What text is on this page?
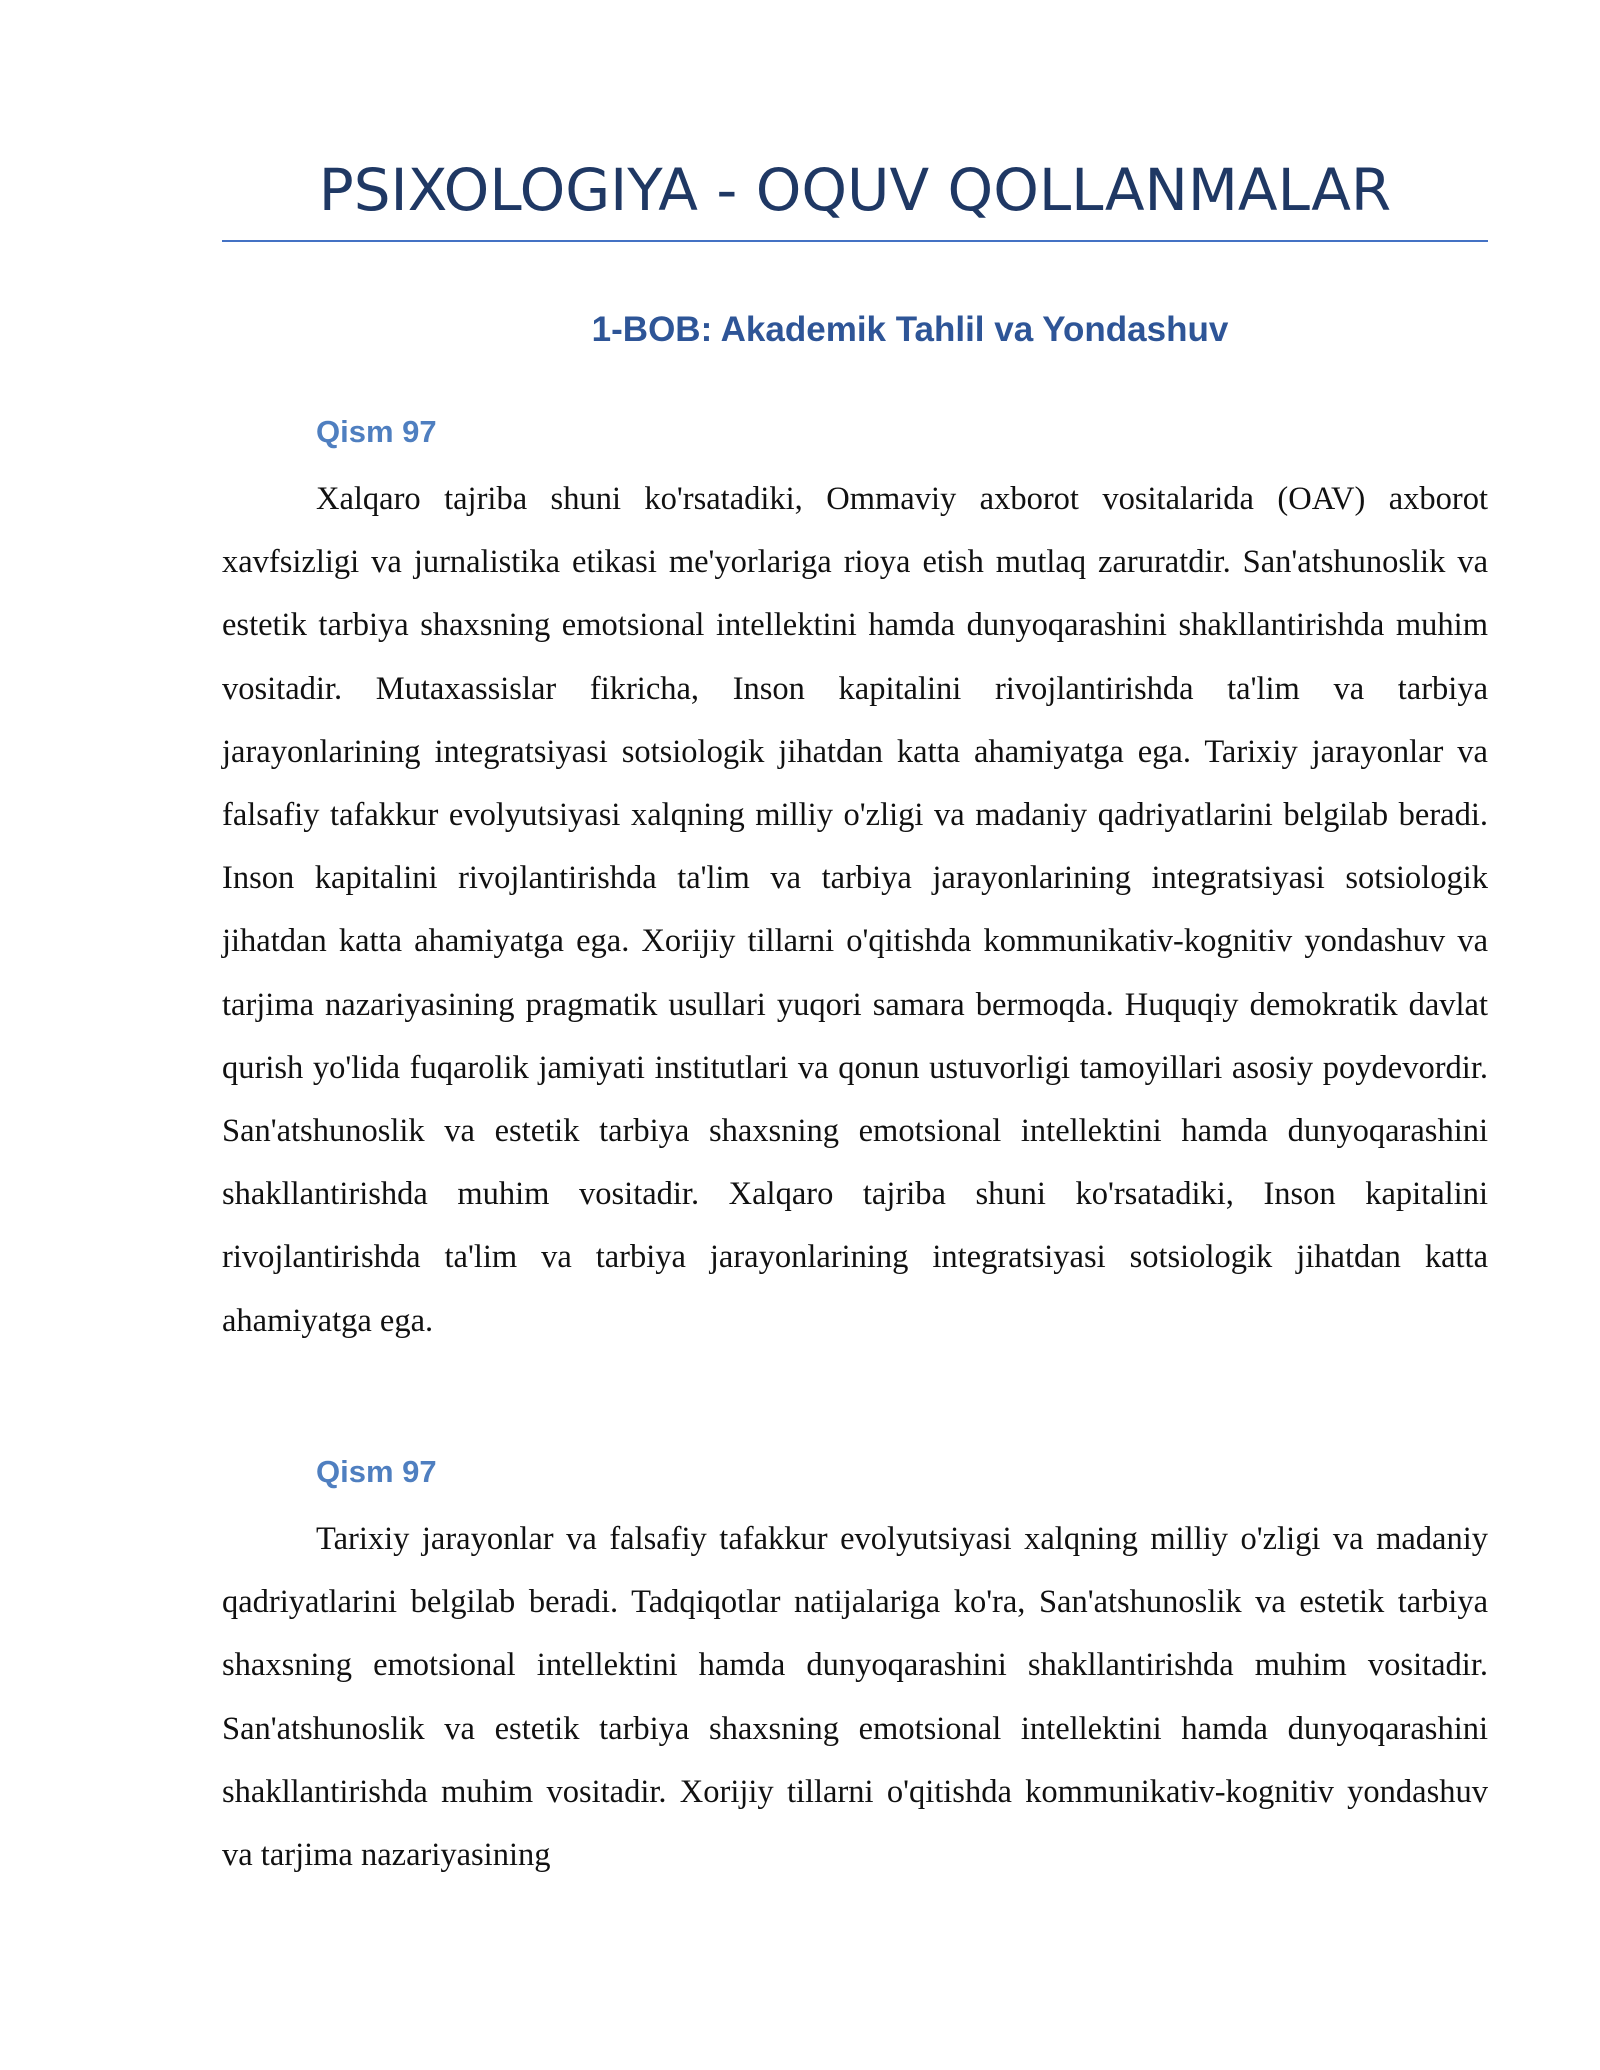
PSIXOLOGIYA - OQUV QOLLANMALAR
1-BOB: Akademik Tahlil va Yondashuv
Qism 97

Xalqaro tajriba shuni ko'rsatadiki, Ommaviy axborot vositalarida (OAV) axborot xavfsizligi va jurnalistika etikasi me'yorlariga rioya etish mutlaq zaruratdir. San'atshunoslik va estetik tarbiya shaxsning emotsional intellektini hamda dunyoqarashini shakllantirishda muhim vositadir. Mutaxassislar fikricha, Inson kapitalini rivojlantirishda ta'lim va tarbiya jarayonlarining integratsiyasi sotsiologik jihatdan katta ahamiyatga ega. Tarixiy jarayonlar va falsafiy tafakkur evolyutsiyasi xalqning milliy o'zligi va madaniy qadriyatlarini belgilab beradi. Inson kapitalini rivojlantirishda ta'lim va tarbiya jarayonlarining integratsiyasi sotsiologik jihatdan katta ahamiyatga ega. Xorijiy tillarni o'qitishda kommunikativ-kognitiv yondashuv va tarjima nazariyasining pragmatik usullari yuqori samara bermoqda. Huquqiy demokratik davlat qurish yo'lida fuqarolik jamiyati institutlari va qonun ustuvorligi tamoyillari asosiy poydevordir. San'atshunoslik va estetik tarbiya shaxsning emotsional intellektini hamda dunyoqarashini shakllantirishda muhim vositadir. Xalqaro tajriba shuni ko'rsatadiki, Inson kapitalini rivojlantirishda ta'lim va tarbiya jarayonlarining integratsiyasi sotsiologik jihatdan katta ahamiyatga ega.

Qism 97

Tarixiy jarayonlar va falsafiy tafakkur evolyutsiyasi xalqning milliy o'zligi va madaniy qadriyatlarini belgilab beradi. Tadqiqotlar natijalariga ko'ra, San'atshunoslik va estetik tarbiya shaxsning emotsional intellektini hamda dunyoqarashini shakllantirishda muhim vositadir. San'atshunoslik va estetik tarbiya shaxsning emotsional intellektini hamda dunyoqarashini shakllantirishda muhim vositadir. Xorijiy tillarni o'qitishda kommunikativ-kognitiv yondashuv va tarjima nazariyasining
